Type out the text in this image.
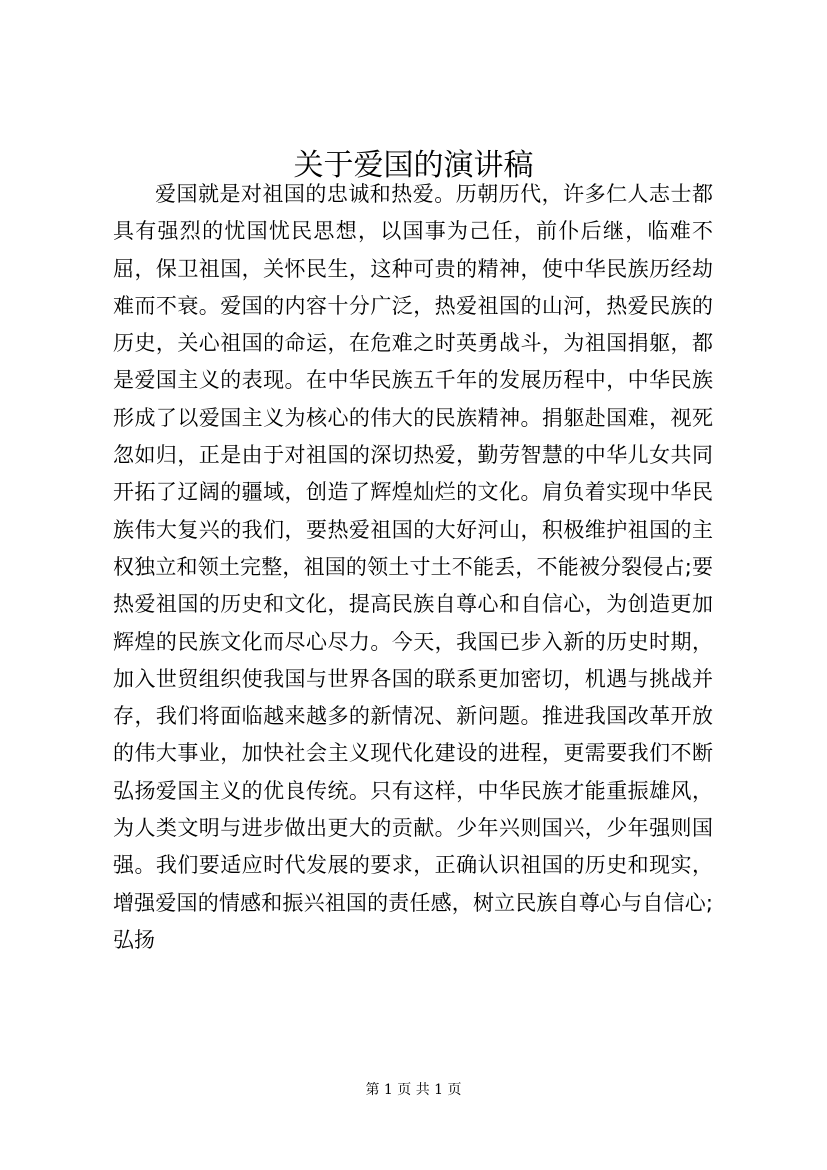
关于爱国的演讲稿

爱国就是对祖国的忠诚和热爱。历朝历代，许多仁人志士都具有强烈的忧国忧民思想，以国事为己任，前仆后继，临难不屈，保卫祖国，关怀民生，这种可贵的精神，使中华民族历经劫难而不衰。爱国的内容十分广泛，热爱祖国的山河，热爱民族的历史，关心祖国的命运，在危难之时英勇战斗，为祖国捐躯，都是爱国主义的表现。在中华民族五千年的发展历程中，中华民族形成了以爱国主义为核心的伟大的民族精神。捐躯赴国难，视死忽如归，正是由于对祖国的深切热爱，勤劳智慧的中华儿女共同开拓了辽阔的疆域，创造了辉煌灿烂的文化。肩负着实现中华民族伟大复兴的我们，要热爱祖国的大好河山，积极维护祖国的主权独立和领土完整，祖国的领土寸土不能丢，不能被分裂侵占;要热爱祖国的历史和文化，提高民族自尊心和自信心，为创造更加辉煌的民族文化而尽心尽力。今天，我国已步入新的历史时期，加入世贸组织使我国与世界各国的联系更加密切，机遇与挑战并存，我们将面临越来越多的新情况、新问题。推进我国改革开放的伟大事业，加快社会主义现代化建设的进程，更需要我们不断弘扬爱国主义的优良传统。只有这样，中华民族才能重振雄风，为人类文明与进步做出更大的贡献。少年兴则国兴，少年强则国强。我们要适应时代发展的要求，正确认识祖国的历史和现实，增强爱国的情感和振兴祖国的责任感，树立民族自尊心与自信心;弘扬

第 1 页 共 1 页
